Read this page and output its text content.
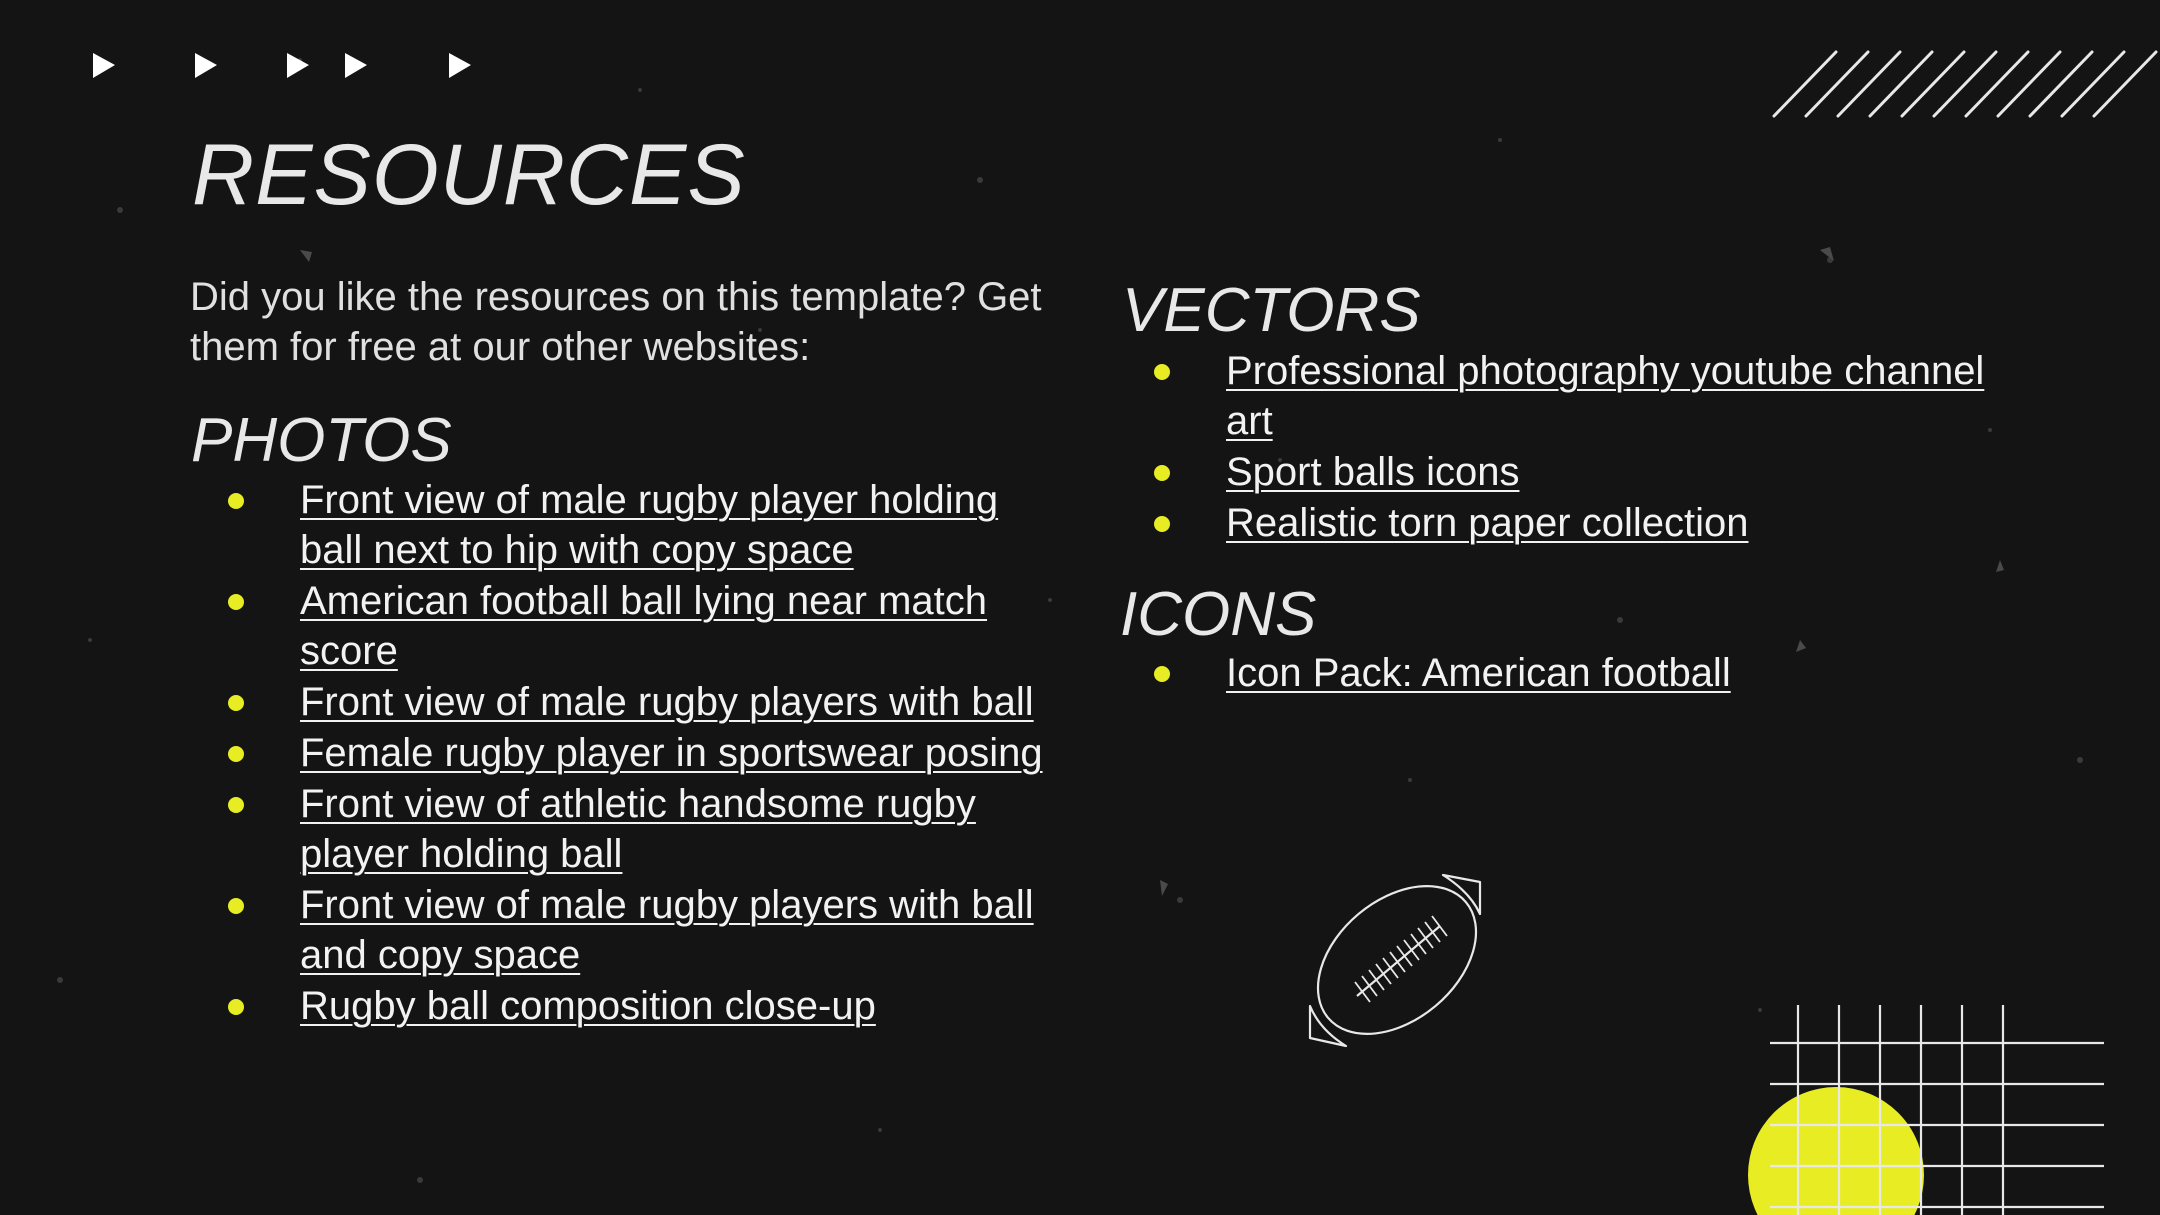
RESOURCES
Did you like the resources on this template? Get them for free at our other websites:
PHOTOS
Front view of male rugby player holding ball next to hip with copy space
American football ball lying near match score
Front view of male rugby players with ball
Female rugby player in sportswear posing
Front view of athletic handsome rugby player holding ball
Front view of male rugby players with ball and copy space
Rugby ball composition close-up
VECTORS
Professional photography youtube channel art
Sport balls icons
Realistic torn paper collection
ICONS
Icon Pack: American football
